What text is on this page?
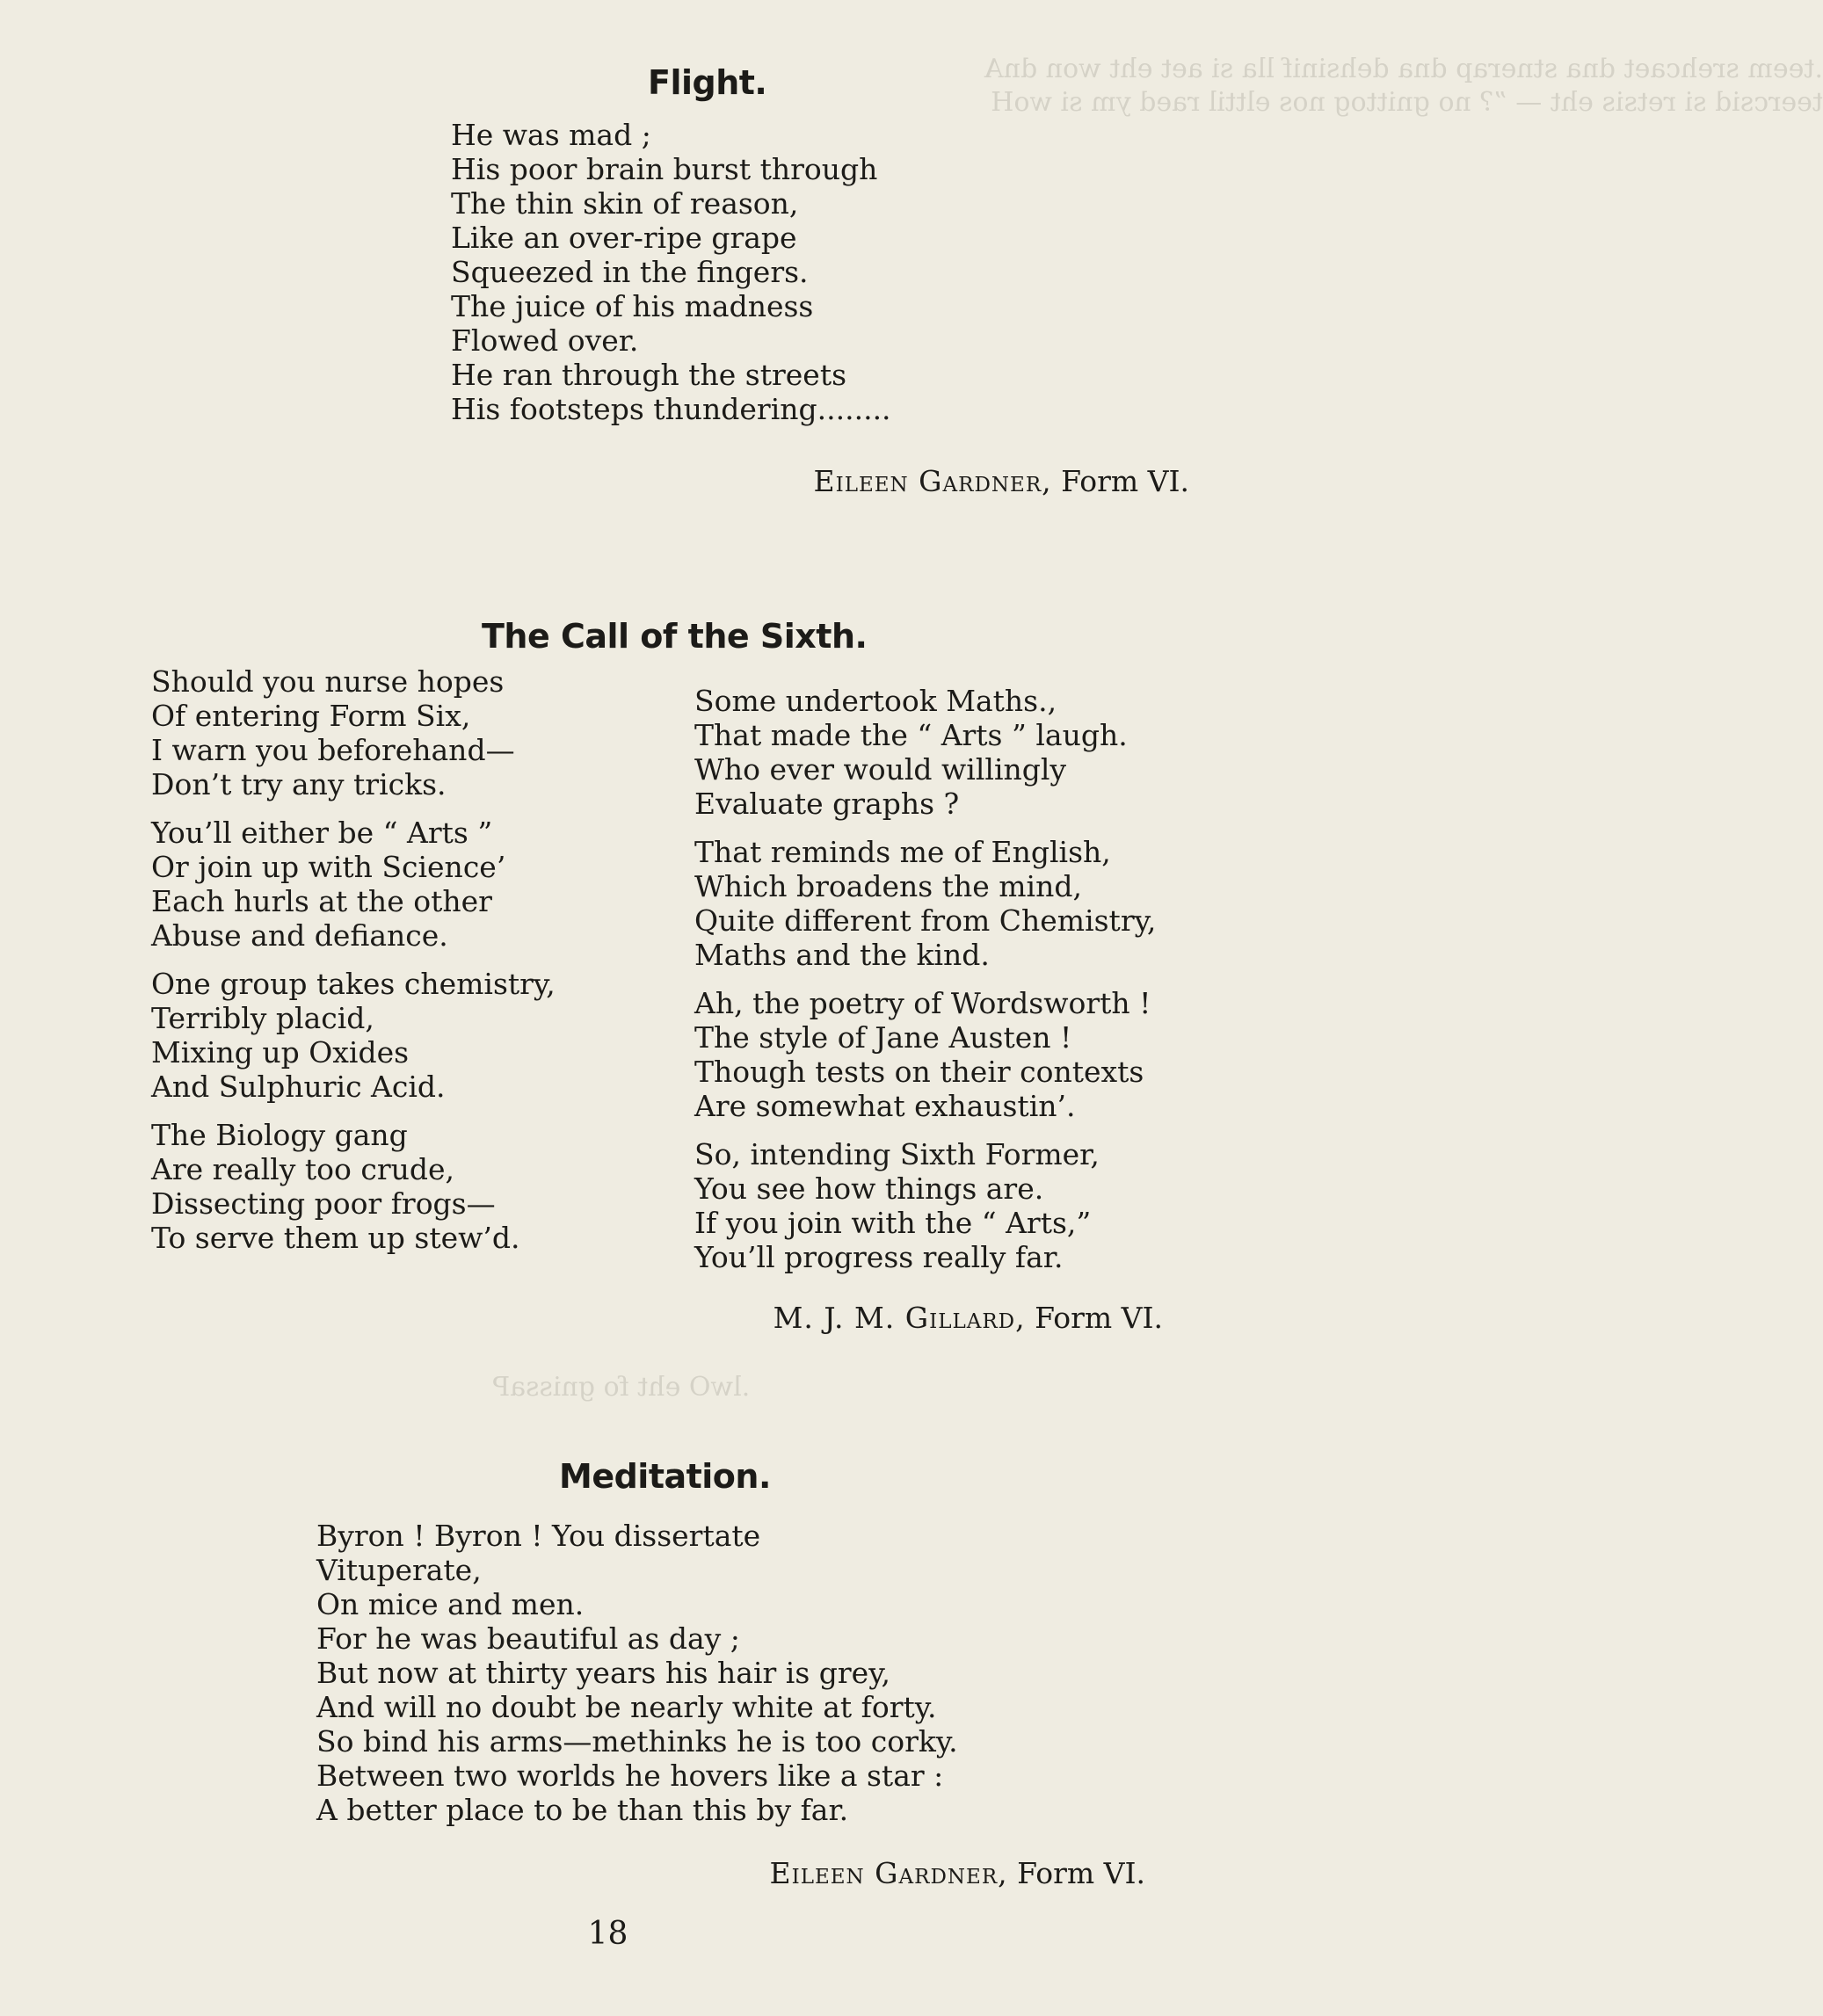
.teem srehcaet dna stnerap dna dehsinif lla si aet eht won dnA
teercsid si retsis eht — ”? no gnittog nos elttil raed ym si woH
.lwO eht fo gnissaP
Flight.
He was mad ;
His poor brain burst through
The thin skin of reason,
Like an over-ripe grape
Squeezed in the fingers.
The juice of his madness
Flowed over.
He ran through the streets
His footsteps thundering........
Eileen Gardner, Form VI.
The Call of the Sixth.
Should you nurse hopes
Of entering Form Six,
I warn you beforehand—
Don’t try any tricks.
You’ll either be “ Arts ”
Or join up with Science’
Each hurls at the other
Abuse and defiance.
One group takes chemistry,
Terribly placid,
Mixing up Oxides
And Sulphuric Acid.
The Biology gang
Are really too crude,
Dissecting poor frogs—
To serve them up stew’d.
Some undertook Maths.,
That made the “ Arts ” laugh.
Who ever would willingly
Evaluate graphs ?
That reminds me of English,
Which broadens the mind,
Quite different from Chemistry,
Maths and the kind.
Ah, the poetry of Wordsworth !
The style of Jane Austen !
Though tests on their contexts
Are somewhat exhaustin’.
So, intending Sixth Former,
You see how things are.
If you join with the “ Arts,”
You’ll progress really far.
M. J. M. Gillard, Form VI.
Meditation.
Byron ! Byron ! You dissertate
Vituperate,
On mice and men.
For he was beautiful as day ;
But now at thirty years his hair is grey,
And will no doubt be nearly white at forty.
So bind his arms—methinks he is too corky.
Between two worlds he hovers like a star :
A better place to be than this by far.
Eileen Gardner, Form VI.
18
